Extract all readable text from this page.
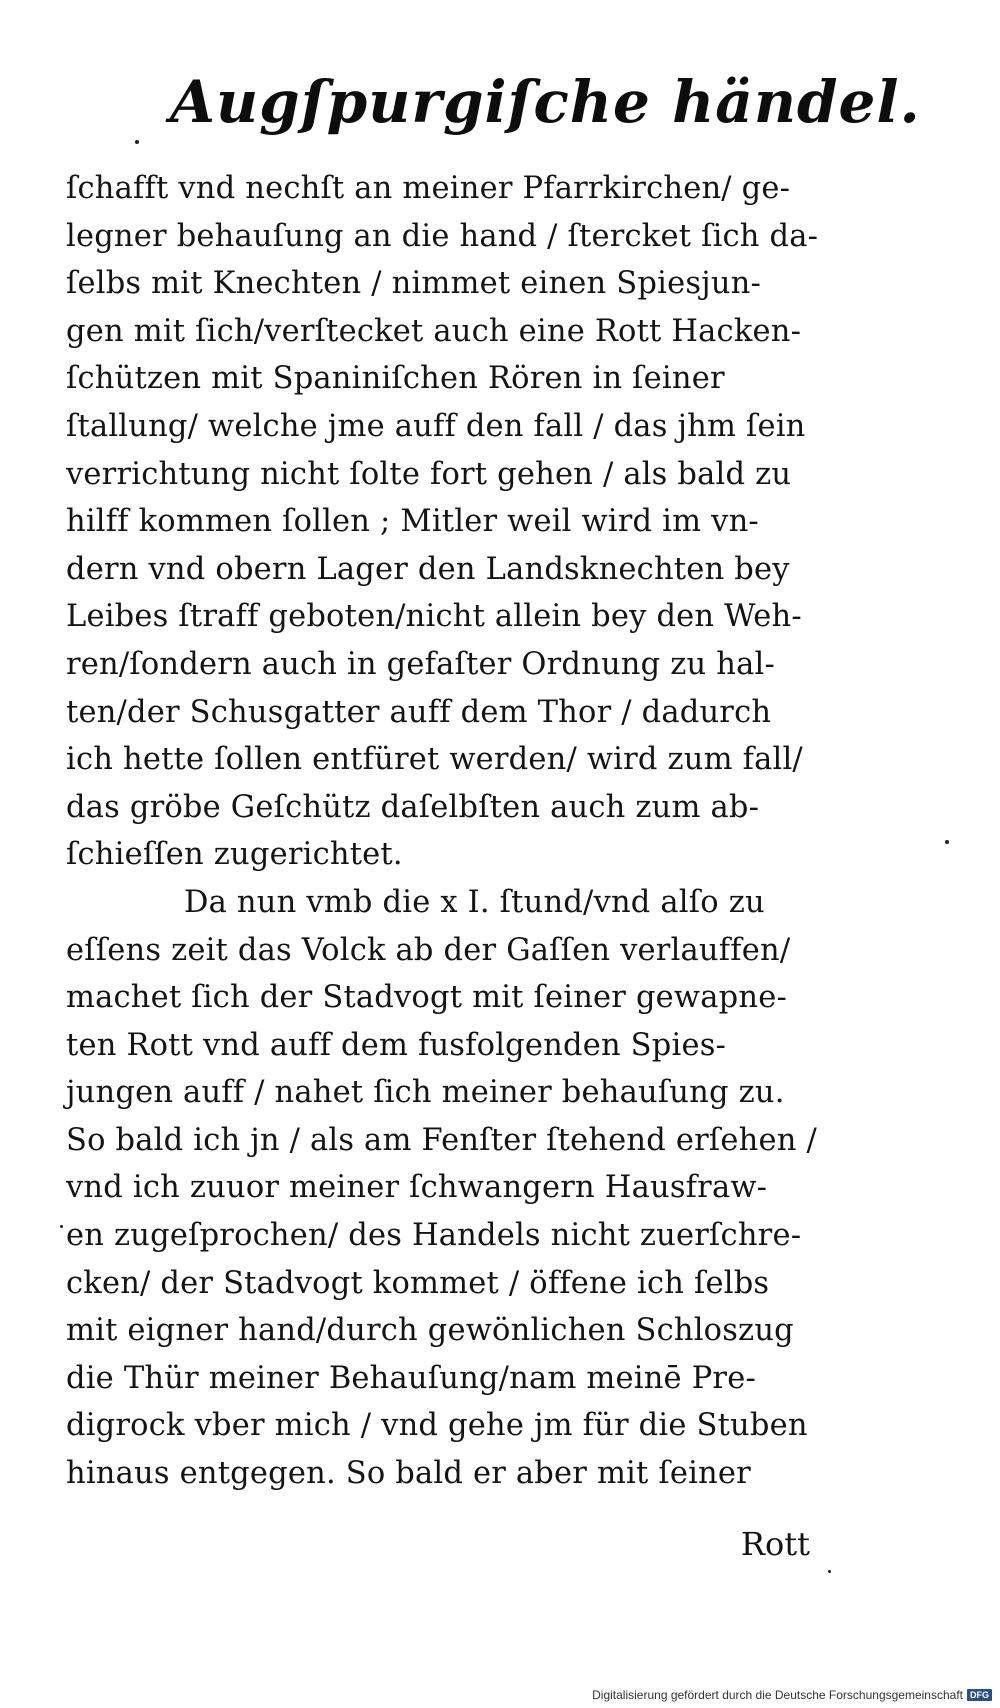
Augſpurgiſche händel.
ſchafft vnd nechſt an meiner Pfarrkirchen/ ge-
legner behauſung an die hand / ſtercket ſich da-
ſelbs mit Knechten / nimmet einen Spiesjun-
gen mit ſich/verſtecket auch eine Rott Hacken-
ſchützen mit Spaniniſchen Rören in ſeiner
ſtallung/ welche jme auff den fall / das jhm ſein
verrichtung nicht ſolte fort gehen / als bald zu
hilff kommen ſollen ; Mitler weil wird im vn-
dern vnd obern Lager den Landsknechten bey
Leibes ſtraff geboten/nicht allein bey den Weh-
ren/ſondern auch in gefaſter Ordnung zu hal-
ten/der Schusgatter auff dem Thor / dadurch
ich hette ſollen entfüret werden/ wird zum fall/
das gröbe Geſchütz daſelbſten auch zum ab-
ſchieſſen zugerichtet.
Da nun vmb die x I. ſtund/vnd alſo zu
eſſens zeit das Volck ab der Gaſſen verlauffen/
machet ſich der Stadvogt mit ſeiner gewapne-
ten Rott vnd auff dem fusfolgenden Spies-
jungen auff / nahet ſich meiner behauſung zu.
So bald ich jn / als am Fenſter ſtehend erſehen /
vnd ich zuuor meiner ſchwangern Hausfraw-
en zugeſprochen/ des Handels nicht zuerſchre-
cken/ der Stadvogt kommet / öffene ich ſelbs
mit eigner hand/durch gewönlichen Schloszug
die Thür meiner Behauſung/nam meinē Pre-
digrock vber mich / vnd gehe jm für die Stuben
hinaus entgegen. So bald er aber mit ſeiner
Rott
Digitalisierung gefördert durch die Deutsche Forschungsgemeinschaft DFG
